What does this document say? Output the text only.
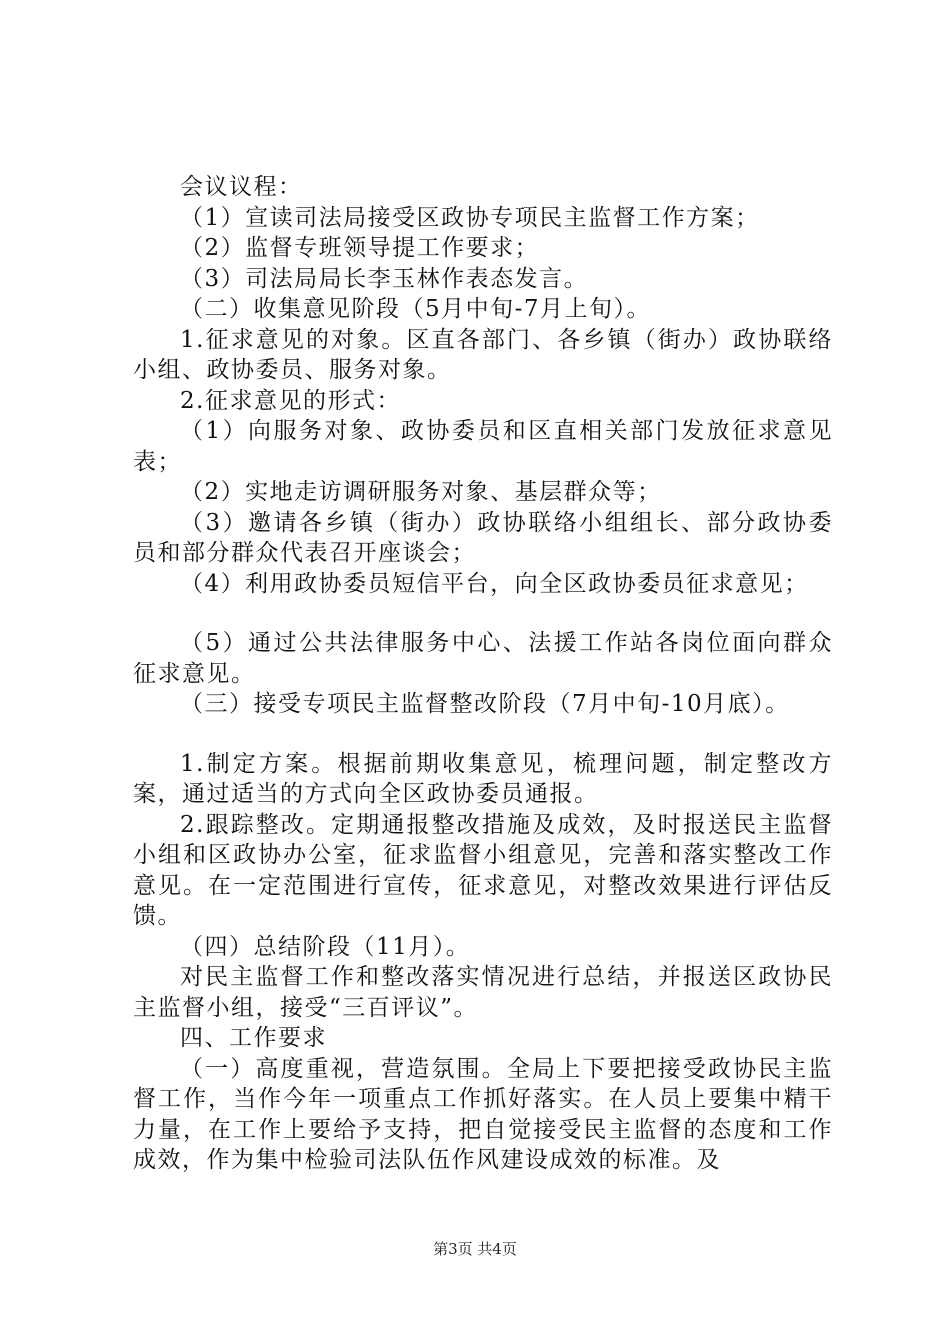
会议议程：

（1）宣读司法局接受区政协专项民主监督工作方案；

（2）监督专班领导提工作要求；

（3）司法局局长李玉林作表态发言。

（二）收集意见阶段（5月中旬-7月上旬）。

1.征求意见的对象。区直各部门、各乡镇（街办）政协联络小组、政协委员、服务对象。

2.征求意见的形式：

（1）向服务对象、政协委员和区直相关部门发放征求意见表；

（2）实地走访调研服务对象、基层群众等；

（3）邀请各乡镇（街办）政协联络小组组长、部分政协委员和部分群众代表召开座谈会；

（4）利用政协委员短信平台，向全区政协委员征求意见；

（5）通过公共法律服务中心、法援工作站各岗位面向群众征求意见。

（三）接受专项民主监督整改阶段（7月中旬-10月底）。

1.制定方案。根据前期收集意见，梳理问题，制定整改方案，通过适当的方式向全区政协委员通报。

2.跟踪整改。定期通报整改措施及成效，及时报送民主监督小组和区政协办公室，征求监督小组意见，完善和落实整改工作意见。在一定范围进行宣传，征求意见，对整改效果进行评估反馈。

（四）总结阶段（11月）。

对民主监督工作和整改落实情况进行总结，并报送区政协民主监督小组，接受“三百评议”。

四、工作要求

（一）高度重视，营造氛围。全局上下要把接受政协民主监督工作，当作今年一项重点工作抓好落实。在人员上要集中精干力量，在工作上要给予支持，把自觉接受民主监督的态度和工作成效，作为集中检验司法队伍作风建设成效的标准。及

第3页 共4页
